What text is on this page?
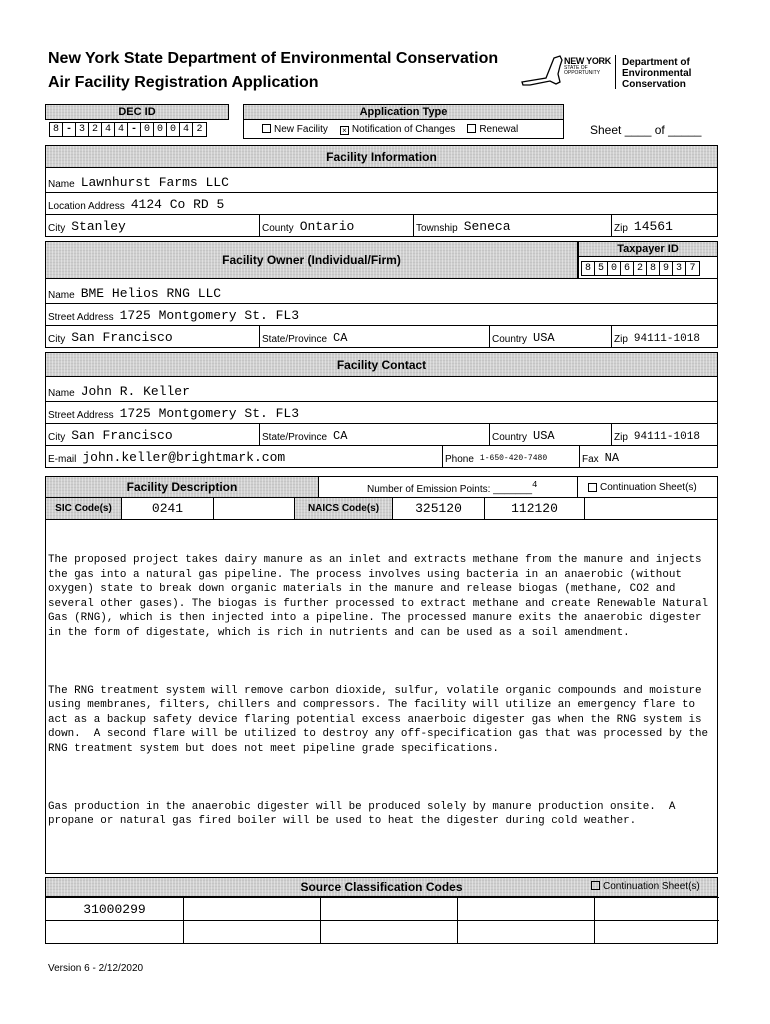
New York State Department of Environmental Conservation
Air Facility Registration Application
NEW YORK
STATE OF
OPPORTUNITY
Department of
Environmental
Conservation
DEC ID
8 - 3 2 4 4 - 0 0 0 4 2
Application Type
New Facility × Notification of Changes	Renewal	Sheet ____ of _____
Facility Information
Name Lawnhurst Farms LLC
Location Address 4124 Co RD 5
City Stanley	County Ontario	Township Seneca	Zip 14561
Facility Owner (Individual/Firm)
Taxpayer ID
8 5 0 6 2 8 9 3 7
Name BME Helios RNG LLC
Street Address 1725 Montgomery St. FL3
City San Francisco	State/Province CA	Country USA	Zip 94111-1018
Facility Contact
Name John R. Keller
Street Address 1725 Montgomery St. FL3
City San Francisco	State/Province CA	Country USA	Zip 94111-1018
E-mail john.keller@brightmark.com	Phone 1-650-420-7480	Fax NA
Facility Description	Number of Emission Points: _______ 4	Continuation Sheet(s)
SIC Code(s)	0241	NAICS Code(s)	325120	112120

The proposed project takes dairy manure as an inlet and extracts methane from the manure and injects the gas into a natural gas pipeline. The process involves using bacteria in an anaerobic (without oxygen) state to break down organic materials in the manure and release biogas (methane, CO2 and several other gases). The biogas is further processed to extract methane and create Renewable Natural Gas (RNG), which is then injected into a pipeline. The processed manure exits the anaerobic digester in the form of digestate, which is rich in nutrients and can be used as a soil amendment.

The RNG treatment system will remove carbon dioxide, sulfur, volatile organic compounds and moisture using membranes, filters, chillers and compressors. The facility will utilize an emergency flare to act as a backup safety device flaring potential excess anaerboic digester gas when the RNG system is down.  A second flare will be utilized to destroy any off-specification gas that was processed by the RNG treatment system but does not meet pipeline grade specifications.

Gas production in the anaerobic digester will be produced solely by manure production onsite.  A propane or natural gas fired boiler will be used to heat the digester during cold weather.

Source Classification Codes	Continuation Sheet(s)
31000299
Version 6 - 2/12/2020
